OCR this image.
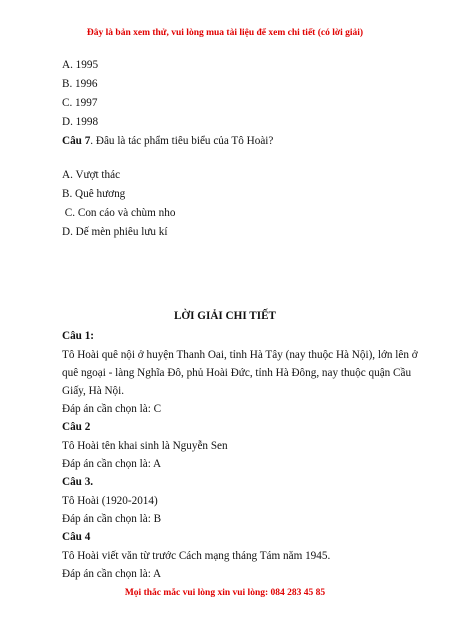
Đây là bản xem thử, vui lòng mua tài liệu để xem chi tiết (có lời giải)
A. 1995
B. 1996
C. 1997
D. 1998
Câu 7. Đâu là tác phẩm tiêu biểu của Tô Hoài?
A. Vượt thác
B. Quê hương
C. Con cáo và chùm nho
D. Dế mèn phiêu lưu kí
LỜI GIẢI CHI TIẾT
Câu 1:
Tô Hoài quê nội ở huyện Thanh Oai, tỉnh Hà Tây (nay thuộc Hà Nội), lớn lên ở
quê ngoại - làng Nghĩa Đô, phủ Hoài Đức, tỉnh Hà Đông, nay thuộc quận Cầu
Giấy, Hà Nội.
Đáp án cần chọn là: C
Câu 2
Tô Hoài tên khai sinh là Nguyễn Sen
Đáp án cần chọn là: A
Câu 3.
Tô Hoài (1920-2014)
Đáp án cần chọn là: B
Câu 4
Tô Hoài viết văn từ trước Cách mạng tháng Tám năm 1945.
Đáp án cần chọn là: A
Mọi thắc mắc vui lòng xin vui lòng: 084 283 45 85
